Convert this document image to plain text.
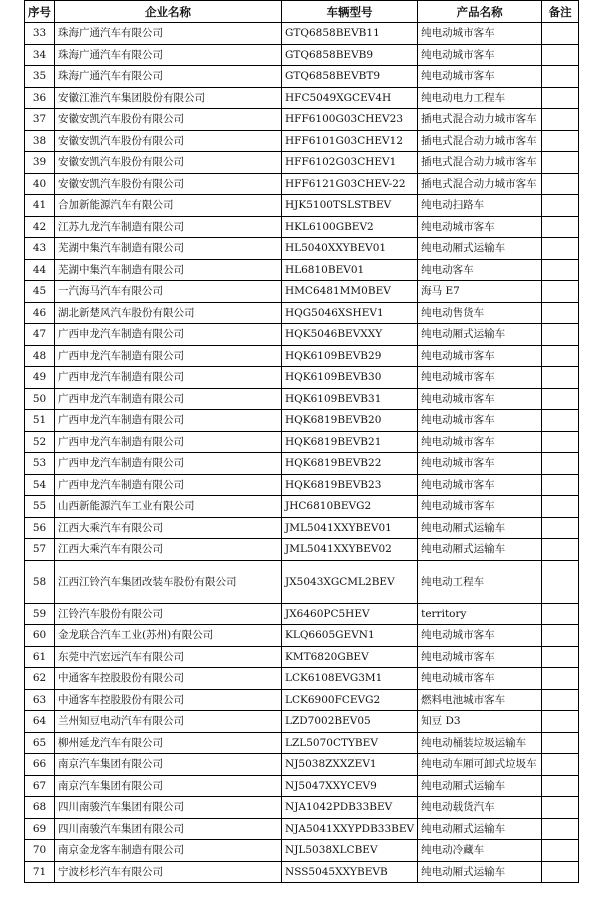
序号	企业名称	车辆型号	产品名称	备注
33	珠海广通汽车有限公司	GTQ6858BEVB11	纯电动城市客车	
34	珠海广通汽车有限公司	GTQ6858BEVB9	纯电动城市客车	
35	珠海广通汽车有限公司	GTQ6858BEVBT9	纯电动城市客车	
36	安徽江淮汽车集团股份有限公司	HFC5049XGCEV4H	纯电动电力工程车	
37	安徽安凯汽车股份有限公司	HFF6100G03CHEV23	插电式混合动力城市客车	
38	安徽安凯汽车股份有限公司	HFF6101G03CHEV12	插电式混合动力城市客车	
39	安徽安凯汽车股份有限公司	HFF6102G03CHEV1	插电式混合动力城市客车	
40	安徽安凯汽车股份有限公司	HFF6121G03CHEV-22	插电式混合动力城市客车	
41	合加新能源汽车有限公司	HJK5100TSLSTBEV	纯电动扫路车	
42	江苏九龙汽车制造有限公司	HKL6100GBEV2	纯电动城市客车	
43	芜湖中集汽车制造有限公司	HL5040XXYBEV01	纯电动厢式运输车	
44	芜湖中集汽车制造有限公司	HL6810BEV01	纯电动客车	
45	一汽海马汽车有限公司	HMC6481MM0BEV	海马 E7	
46	湖北新楚风汽车股份有限公司	HQG5046XSHEV1	纯电动售货车	
47	广西申龙汽车制造有限公司	HQK5046BEVXXY	纯电动厢式运输车	
48	广西申龙汽车制造有限公司	HQK6109BEVB29	纯电动城市客车	
49	广西申龙汽车制造有限公司	HQK6109BEVB30	纯电动城市客车	
50	广西申龙汽车制造有限公司	HQK6109BEVB31	纯电动城市客车	
51	广西申龙汽车制造有限公司	HQK6819BEVB20	纯电动城市客车	
52	广西申龙汽车制造有限公司	HQK6819BEVB21	纯电动城市客车	
53	广西申龙汽车制造有限公司	HQK6819BEVB22	纯电动城市客车	
54	广西申龙汽车制造有限公司	HQK6819BEVB23	纯电动城市客车	
55	山西新能源汽车工业有限公司	JHC6810BEVG2	纯电动城市客车	
56	江西大乘汽车有限公司	JML5041XXYBEV01	纯电动厢式运输车	
57	江西大乘汽车有限公司	JML5041XXYBEV02	纯电动厢式运输车	
58	江西江铃汽车集团改装车股份有限公司	JX5043XGCML2BEV	纯电动工程车	
59	江铃汽车股份有限公司	JX6460PC5HEV	territory	
60	金龙联合汽车工业(苏州)有限公司	KLQ6605GEVN1	纯电动城市客车	
61	东莞中汽宏远汽车有限公司	KMT6820GBEV	纯电动城市客车	
62	中通客车控股股份有限公司	LCK6108EVG3M1	纯电动城市客车	
63	中通客车控股股份有限公司	LCK6900FCEVG2	燃料电池城市客车	
64	兰州知豆电动汽车有限公司	LZD7002BEV05	知豆 D3	
65	柳州延龙汽车有限公司	LZL5070CTYBEV	纯电动桶装垃圾运输车	
66	南京汽车集团有限公司	NJ5038ZXXZEV1	纯电动车厢可卸式垃圾车	
67	南京汽车集团有限公司	NJ5047XXYCEV9	纯电动厢式运输车	
68	四川南骏汽车集团有限公司	NJA1042PDB33BEV	纯电动载货汽车	
69	四川南骏汽车集团有限公司	NJA5041XXYPDB33BEV	纯电动厢式运输车	
70	南京金龙客车制造有限公司	NJL5038XLCBEV	纯电动冷藏车	
71	宁波杉杉汽车有限公司	NSS5045XXYBEVB	纯电动厢式运输车	
